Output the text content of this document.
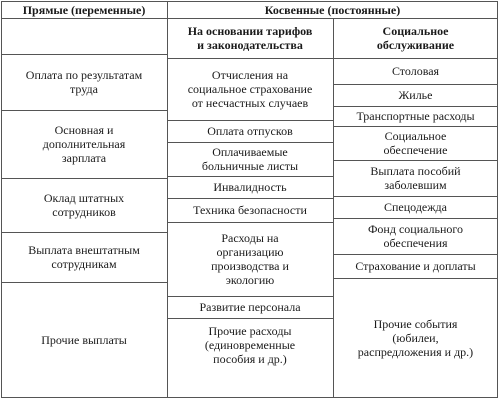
Прямые (переменные)	Косвенные (постоянные)
На основании тарифов
и законодательства
Социальное
обслуживание
Оплата по результатам
труда
Основная и
дополнительная
зарплата
Оклад штатных
сотрудников
Выплата внештатным
сотрудникам
Прочие выплаты
Отчисления на
социальное страхование
от несчастных случаев
Оплата отпусков
Оплачиваемые
больничные листы
Инвалидность
Техника безопасности
Расходы на
организацию
производства и
экологию
Развитие персонала
Прочие расходы
(единовременные
пособия и др.)
Столовая
Жилье
Транспортные расходы
Социальное
обеспечение
Выплата пособий
заболевшим
Спецодежда
Фонд социального
обеспечения
Страхование и доплаты
Прочие события
(юбилеи,
распредложения и др.)
